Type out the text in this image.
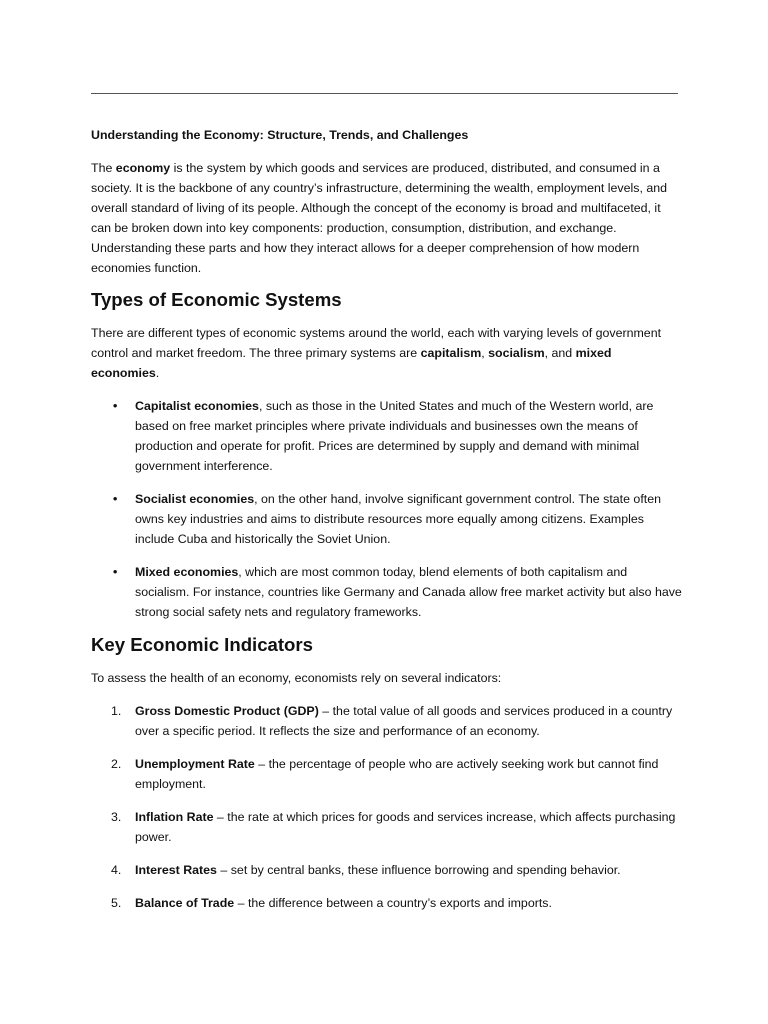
Understanding the Economy: Structure, Trends, and Challenges

The economy is the system by which goods and services are produced, distributed, and consumed in a society. It is the backbone of any country’s infrastructure, determining the wealth, employment levels, and overall standard of living of its people. Although the concept of the economy is broad and multifaceted, it can be broken down into key components: production, consumption, distribution, and exchange. Understanding these parts and how they interact allows for a deeper comprehension of how modern economies function.

Types of Economic Systems

There are different types of economic systems around the world, each with varying levels of government control and market freedom. The three primary systems are capitalism, socialism, and mixed economies.

• Capitalist economies, such as those in the United States and much of the Western world, are based on free market principles where private individuals and businesses own the means of production and operate for profit. Prices are determined by supply and demand with minimal government interference.
• Socialist economies, on the other hand, involve significant government control. The state often owns key industries and aims to distribute resources more equally among citizens. Examples include Cuba and historically the Soviet Union.
• Mixed economies, which are most common today, blend elements of both capitalism and socialism. For instance, countries like Germany and Canada allow free market activity but also have strong social safety nets and regulatory frameworks.
Key Economic Indicators

To assess the health of an economy, economists rely on several indicators:

1. Gross Domestic Product (GDP) – the total value of all goods and services produced in a country over a specific period. It reflects the size and performance of an economy.
2. Unemployment Rate – the percentage of people who are actively seeking work but cannot find employment.
3. Inflation Rate – the rate at which prices for goods and services increase, which affects purchasing power.
4. Interest Rates – set by central banks, these influence borrowing and spending behavior.
5. Balance of Trade – the difference between a country’s exports and imports.
